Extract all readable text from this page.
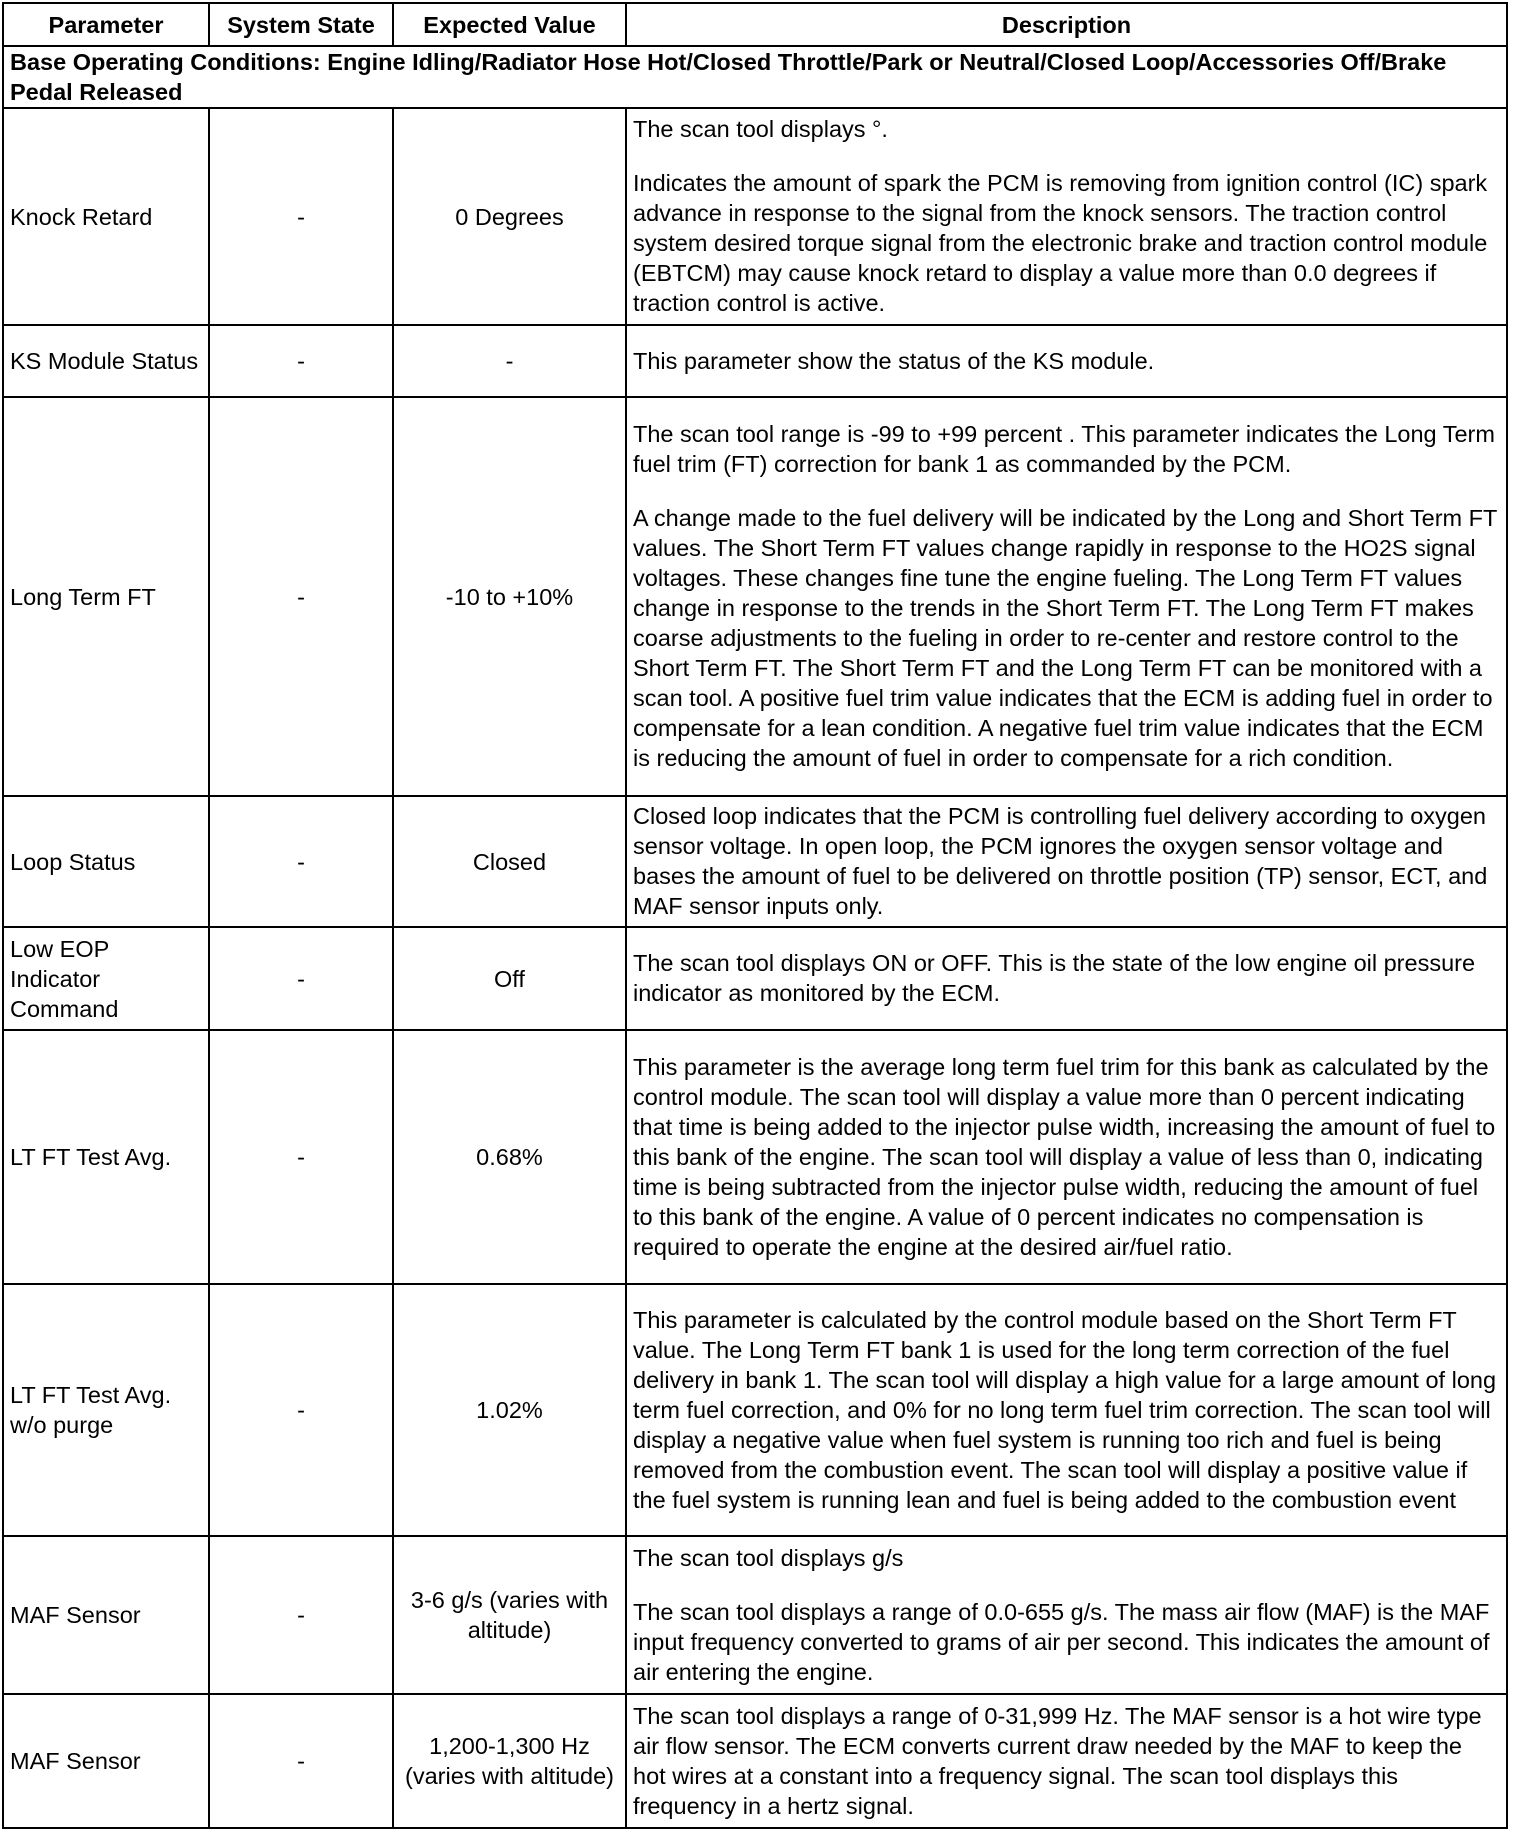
Parameter	System State	Expected Value	Description
Base Operating Conditions: Engine Idling/Radiator Hose Hot/Closed Throttle/Park or Neutral/Closed Loop/Accessories Off/Brake Pedal Released			
Knock Retard	-	0 Degrees	The scan tool displays °.

Indicates the amount of spark the PCM is removing from ignition control (IC) spark advance in response to the signal from the knock sensors. The traction control system desired torque signal from the electronic brake and traction control module (EBTCM) may cause knock retard to display a value more than 0.0 degrees if traction control is active.

KS Module Status	-	-	This parameter show the status of the KS module.

Long Term FT	-	-10 to +10%	The scan tool range is -99 to +99 percent . This parameter indicates the Long Term fuel trim (FT) correction for bank 1 as commanded by the PCM.

A change made to the fuel delivery will be indicated by the Long and Short Term FT values. The Short Term FT values change rapidly in response to the HO2S signal voltages. These changes fine tune the engine fueling. The Long Term FT values change in response to the trends in the Short Term FT. The Long Term FT makes coarse adjustments to the fueling in order to re-center and restore control to the Short Term FT. The Short Term FT and the Long Term FT can be monitored with a scan tool. A positive fuel trim value indicates that the ECM is adding fuel in order to compensate for a lean condition. A negative fuel trim value indicates that the ECM is reducing the amount of fuel in order to compensate for a rich condition.

Loop Status	-	Closed	Closed loop indicates that the PCM is controlling fuel delivery according to oxygen sensor voltage. In open loop, the PCM ignores the oxygen sensor voltage and bases the amount of fuel to be delivered on throttle position (TP) sensor, ECT, and MAF sensor inputs only.

Low EOP Indicator Command	-	Off	The scan tool displays ON or OFF. This is the state of the low engine oil pressure indicator as monitored by the ECM.

LT FT Test Avg.	-	0.68%	This parameter is the average long term fuel trim for this bank as calculated by the control module. The scan tool will display a value more than 0 percent indicating that time is being added to the injector pulse width, increasing the amount of fuel to this bank of the engine. The scan tool will display a value of less than 0, indicating time is being subtracted from the injector pulse width, reducing the amount of fuel to this bank of the engine. A value of 0 percent indicates no compensation is required to operate the engine at the desired air/fuel ratio.

LT FT Test Avg. w/o purge	-	1.02%	This parameter is calculated by the control module based on the Short Term FT value. The Long Term FT bank 1 is used for the long term correction of the fuel delivery in bank 1. The scan tool will display a high value for a large amount of long term fuel correction, and 0% for no long term fuel trim correction. The scan tool will display a negative value when fuel system is running too rich and fuel is being removed from the combustion event. The scan tool will display a positive value if the fuel system is running lean and fuel is being added to the combustion event

MAF Sensor	-	3-6 g/s (varies with altitude)	The scan tool displays g/s

The scan tool displays a range of 0.0-655 g/s. The mass air flow (MAF) is the MAF input frequency converted to grams of air per second. This indicates the amount of air entering the engine.

MAF Sensor	-	1,200-1,300 Hz (varies with altitude)	The scan tool displays a range of 0-31,999 Hz. The MAF sensor is a hot wire type air flow sensor. The ECM converts current draw needed by the MAF to keep the hot wires at a constant into a frequency signal. The scan tool displays this frequency in a hertz signal.
